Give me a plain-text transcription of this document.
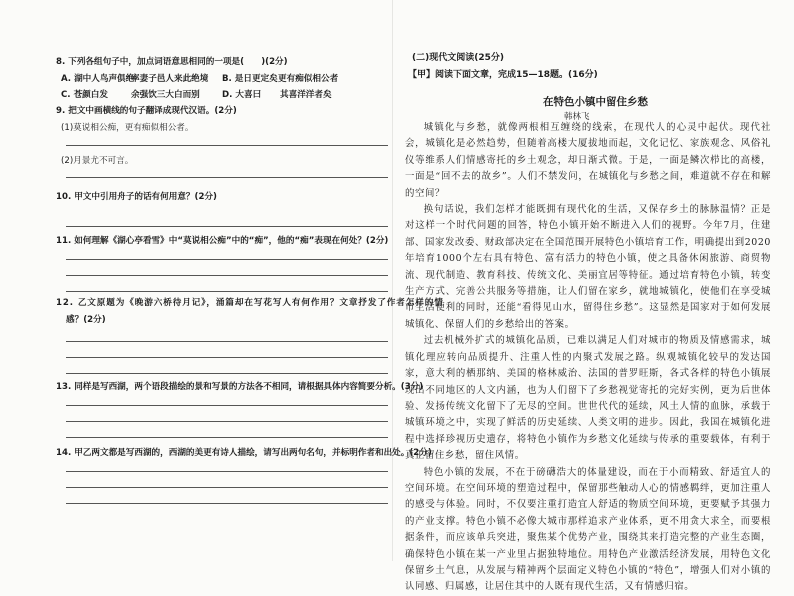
8. 下列各组句子中，加点词语意思相同的一项是(　　)(2分)
A. 湖中人鸟声俱绝
率妻子邑人来此绝境 B. 是日更定矣 更有痴似相公者
C. 苍颜白发	余强饮三大白而别	D. 大喜曰 其喜洋洋者矣
9. 把文中画横线的句子翻译成现代汉语。(2分)
(1)莫说相公痴，更有痴似相公者。
(2)月景尤不可言。
10. 甲文中引用舟子的话有何用意？(2分)
11. 如何理解《湖心亭看雪》中“莫说相公痴”中的“痴”，他的“痴”表现在何处？(2分)
12. 乙文原题为《晚游六桥待月记》，涌篇却在写花写人有何作用？文章抒发了作者怎样的情
感？(2分)
13. 同样是写西湖，两个语段描绘的景和写景的方法各不相同，请根据具体内容简要分析。(3分)
14. 甲乙两文都是写西湖的，西湖的美更有诗人描绘，请写出两句名句，并标明作者和出处。(2分)
(二)现代文阅读(25分)
【甲】阅读下面文章，完成15—18题。(16分)
在特色小镇中留住乡愁
韩林飞

城镇化与乡愁，就像两根相互缠绕的线索，在现代人的心灵中起伏。现代社会，城镇化是必然趋势，但随着高楼大厦拔地而起，文化记忆、家族观念、风俗礼仪等维系人们情感寄托的乡土观念，却日渐式微。于是，一面是鳞次栉比的高楼，一面是“回不去的故乡”。人们不禁发问，在城镇化与乡愁之间，难道就不存在和解的空间？

换句话说，我们怎样才能既拥有现代化的生活，又保存乡土的脉脉温情？正是对这样一个时代问题的回答，特色小镇开始不断进入人们的视野。今年7月，住建部、国家发改委、财政部决定在全国范围开展特色小镇培育工作，明确提出到2020年培育1000个左右具有特色、富有活力的特色小镇，使之具备休闲旅游、商贸物流、现代制造、教育科技、传统文化、美丽宜居等特征。通过培育特色小镇，转变生产方式、完善公共服务等措施，让人们留在家乡，就地城镇化，使他们在享受城市生活便利的同时，还能“看得见山水，留得住乡愁”。这显然是国家对于如何发展城镇化、保留人们的乡愁给出的答案。

过去机械外扩式的城镇化品质，已难以满足人们对城市的物质及情感需求，城镇化理应转向品质提升、注重人性的内聚式发展之路。纵观城镇化较早的发达国家，意大利的栖那纳、美国的格林威治、法国的普罗旺斯，各式各样的特色小镇展现出不同地区的人文内涵，也为人们留下了乡愁视觉寄托的完好实例，更为后世体验、发扬传统文化留下了无尽的空间。世世代代的延续，风土人情的血脉，承载于城镇环境之中，实现了鲜活的历史延续、人类文明的进步。因此，我国在城镇化进程中选择珍视历史遗存，将特色小镇作为乡愁文化延续与传承的重要载体，有利于真正留住乡愁，留住风情。

特色小镇的发展，不在于磅礴浩大的体量建设，而在于小而精致、舒适宜人的空间环境。在空间环境的塑造过程中，保留那些触动人心的情感羁绊，更加注重人的感受与体验。同时，不仅要注重打造宜人舒适的物质空间环境，更要赋予其强力的产业支撑。特色小镇不必像大城市那样追求产业体系，更不用贪大求全，而要根据条件，而应该单兵突进，聚焦某个优势产业，围绕其来打造完整的产业生态圈，确保特色小镇在某一产业里占据独特地位。用特色产业激活经济发展，用特色文化保留乡土气息，从发展与精神两个层面定义特色小镇的“特色”，增强人们对小镇的认同感、归属感，让居住其中的人既有现代生活，又有情感归宿。
